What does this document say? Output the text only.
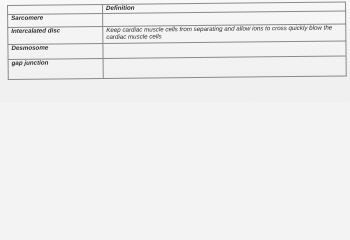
	Definition
Sarcomere	
Intercalated disc	Keep cardiac muscle cells from separating and allow ions to cross quickly blow the cardiac muscle cells
Desmosome	
gap junction	
